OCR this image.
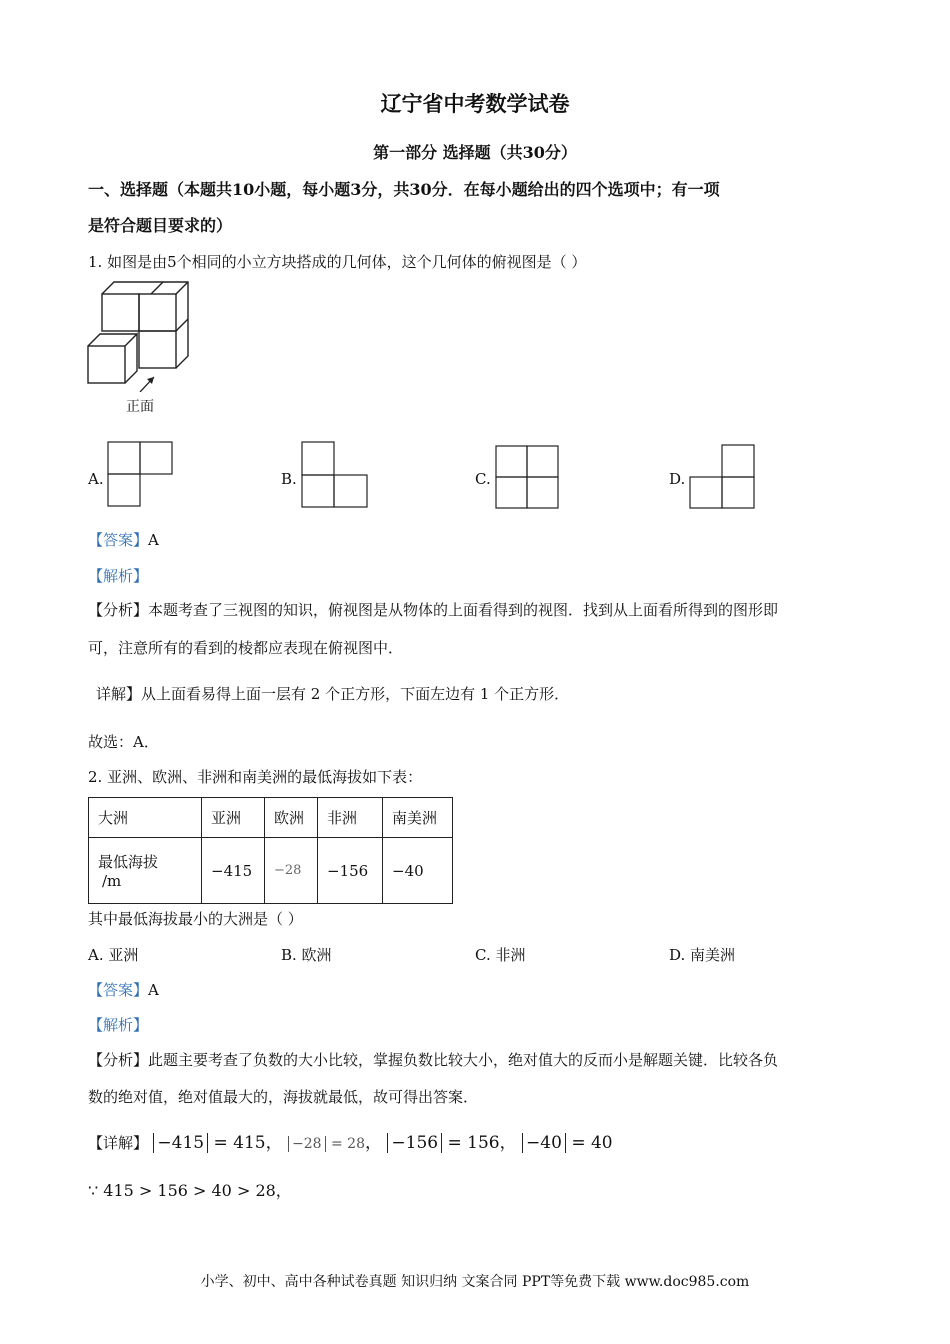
辽宁省中考数学试卷
第一部分 选择题（共30分）
一、选择题（本题共10小题，每小题3分，共30分．在每小题给出的四个选项中；有一项
是符合题目要求的）
1. 如图是由5个相同的小立方块搭成的几何体，这个几何体的俯视图是（ ）
正面
A.	B.	C.	D.
【答案】A
【解析】
【分析】本题考查了三视图的知识，俯视图是从物体的上面看得到的视图．找到从上面看所得到的图形即
可，注意所有的看到的棱都应表现在俯视图中．
详解】从上面看易得上面一层有 2 个正方形，下面左边有 1 个正方形．
故选：A．
2. 亚洲、欧洲、非洲和南美洲的最低海拔如下表：
大洲	亚洲	欧洲	非洲	南美洲

最低海拔
/m	−415	−28	−156	−40
其中最低海拔最小的大洲是（ ）
A. 亚洲	B. 欧洲	C. 非洲	D. 南美洲
【答案】A
【解析】
【分析】此题主要考查了负数的大小比较，掌握负数比较大小，绝对值大的反而小是解题关键．比较各负
数的绝对值，绝对值最大的，海拔就最低，故可得出答案．
【详解】 −415 = 415， −28 = 28， −156 = 156， −40 = 40
∵ 415 > 156 > 40 > 28，
小学、初中、高中各种试卷真题 知识归纳 文案合同 PPT等免费下载 www.doc985.com
